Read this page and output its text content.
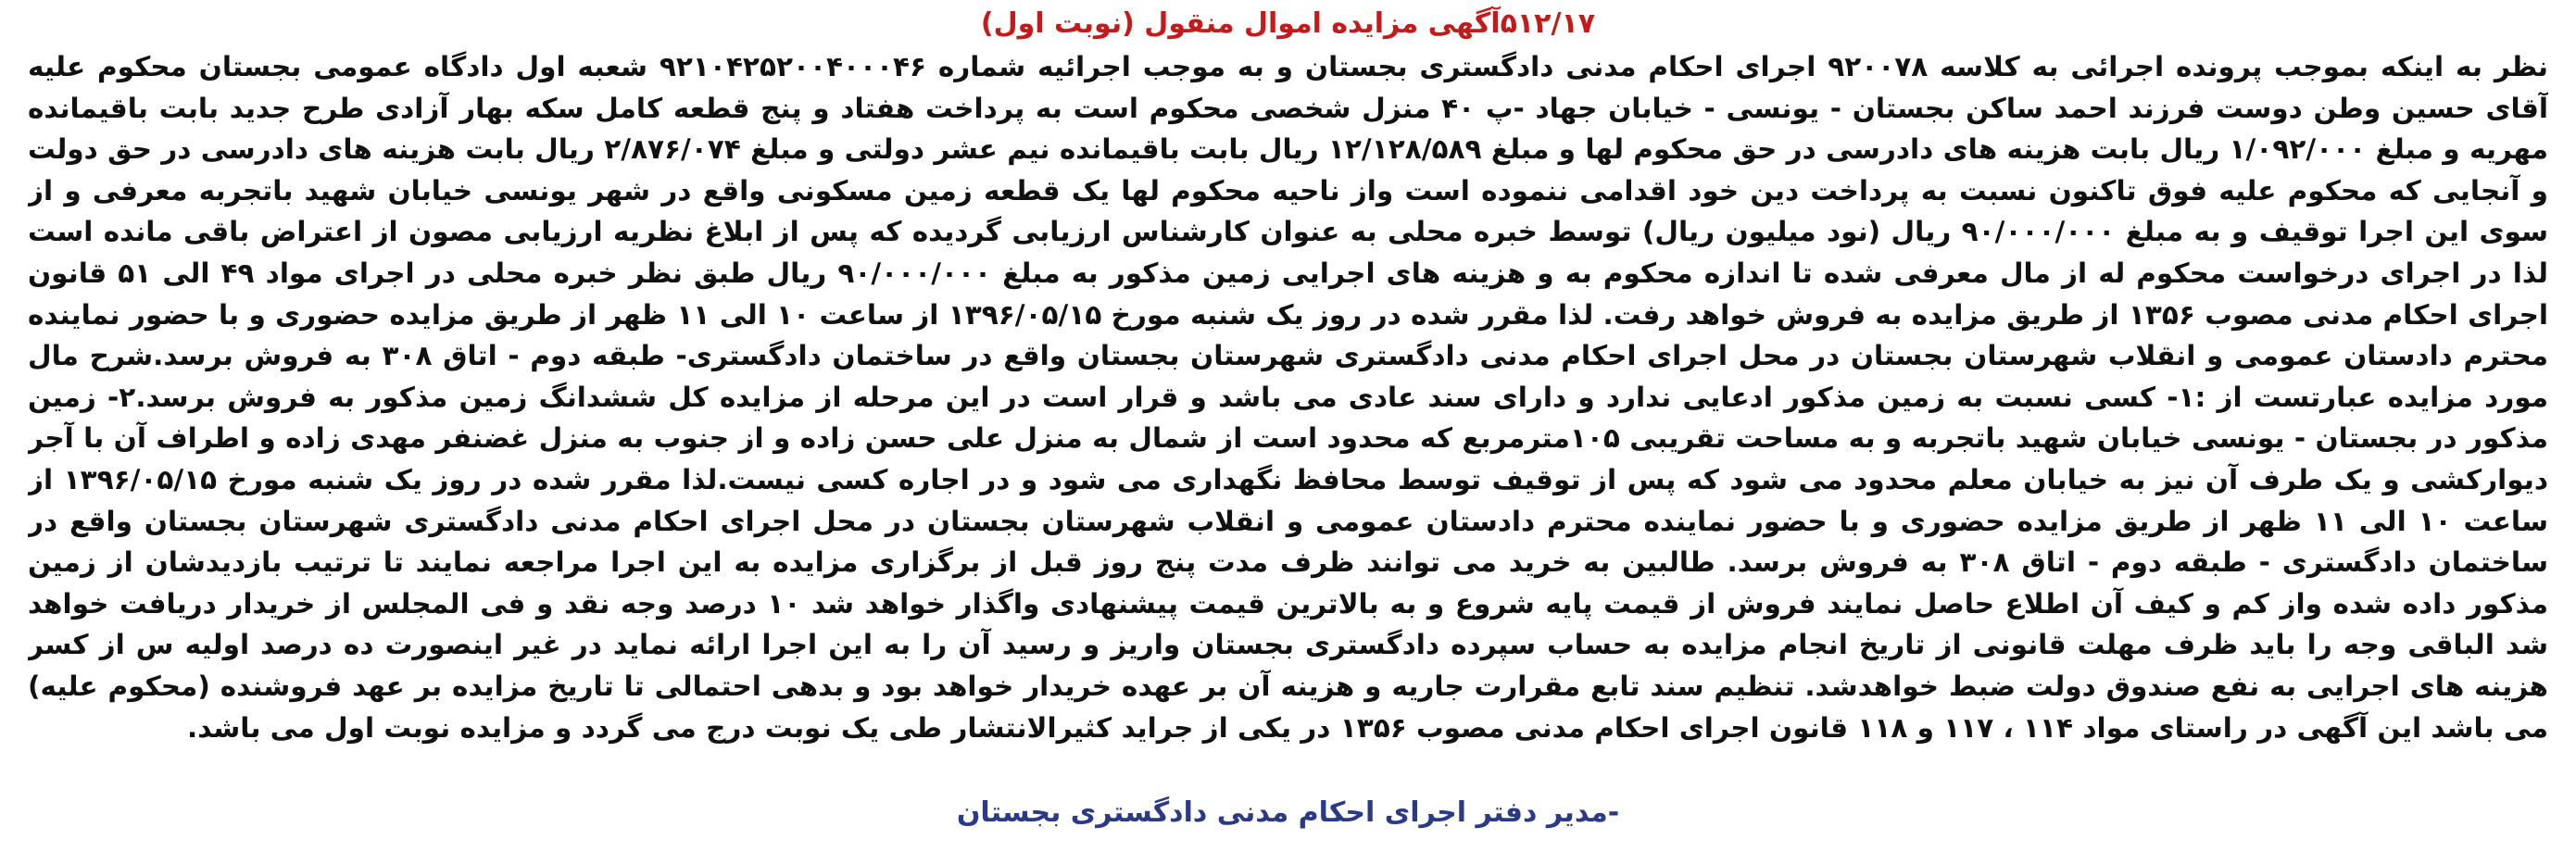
۵۱۲/۱۷آگهی مزایده اموال منقول (نوبت اول)

نظر به اینکه بموجب پرونده اجرائی به کلاسه ۹۲۰۰۷۸ اجرای احکام مدنی دادگستری بجستان و به موجب اجرائیه شماره ۹۲۱۰۴۲۵۲۰۰۴۰۰۰۴۶ شعبه اول دادگاه عمومی بجستان محکوم علیه آقای حسین وطن دوست فرزند احمد ساکن بجستان - یونسی - خیابان جهاد -پ ۴۰ منزل شخصی محکوم است به پرداخت هفتاد و پنج قطعه کامل سکه بهار آزادی طرح جدید بابت باقیمانده مهریه و مبلغ ۱/۰۹۲/۰۰۰ ریال بابت هزینه های دادرسی در حق محکوم لها و مبلغ ۱۲/۱۲۸/۵۸۹ ریال بابت باقیمانده نیم عشر دولتی و مبلغ ۲/۸۷۶/۰۷۴ ریال بابت هزینه های دادرسی در حق دولت و آنجایی که محکوم علیه فوق تاکنون نسبت به پرداخت دین خود اقدامی ننموده است واز ناحیه محکوم لها یک قطعه زمین مسکونی واقع در شهر یونسی خیابان شهید باتجربه معرفی و از سوی این اجرا توقیف و به مبلغ ۹۰/۰۰۰/۰۰۰ ریال (نود میلیون ریال) توسط خبره محلی به عنوان کارشناس ارزیابی گردیده که پس از ابلاغ نظریه ارزیابی مصون از اعتراض باقی مانده است لذا در اجرای درخواست محکوم له از مال معرفی شده تا اندازه محکوم به و هزینه های اجرایی زمین مذکور به مبلغ ۹۰/۰۰۰/۰۰۰ ریال طبق نظر خبره محلی در اجرای مواد ۴۹ الی ۵۱ قانون اجرای احکام مدنی مصوب ۱۳۵۶ از طریق مزایده به فروش خواهد رفت. لذا مقرر شده در روز یک شنبه مورخ ۱۳۹۶/۰۵/۱۵ از ساعت ۱۰ الی ۱۱ ظهر از طریق مزایده حضوری و با حضور نماینده محترم دادستان عمومی و انقلاب شهرستان بجستان در محل اجرای احکام مدنی دادگستری شهرستان بجستان واقع در ساختمان دادگستری- طبقه دوم - اتاق ۳۰۸ به فروش برسد.شرح مال مورد مزایده عبارتست از :۱- کسی نسبت به زمین مذکور ادعایی ندارد و دارای سند عادی می باشد و قرار است در این مرحله از مزایده کل ششدانگ زمین مذکور به فروش برسد.۲- زمین مذکور در بجستان - یونسی خیابان شهید باتجربه و به مساحت تقریبی ۱۰۵مترمربع که محدود است از شمال به منزل علی حسن زاده و از جنوب به منزل غضنفر مهدی زاده و اطراف آن با آجر دیوارکشی و یک طرف آن نیز به خیابان معلم محدود می شود که پس از توقیف توسط محافظ نگهداری می شود و در اجاره کسی نیست.لذا مقرر شده در روز یک شنبه مورخ ۱۳۹۶/۰۵/۱۵ از ساعت ۱۰ الی ۱۱ ظهر از طریق مزایده حضوری و با حضور نماینده محترم دادستان عمومی و انقلاب شهرستان بجستان در محل اجرای احکام مدنی دادگستری شهرستان بجستان واقع در ساختمان دادگستری - طبقه دوم - اتاق ۳۰۸ به فروش برسد. طالبین به خرید می توانند ظرف مدت پنج روز قبل از برگزاری مزایده به این اجرا مراجعه نمایند تا ترتیب بازدیدشان از زمین مذکور داده شده واز کم و کیف آن اطلاع حاصل نمایند فروش از قیمت پایه شروع و به بالاترین قیمت پیشنهادی واگذار خواهد شد ۱۰ درصد وجه نقد و فی المجلس از خریدار دریافت خواهد شد الباقی وجه را باید ظرف مهلت قانونی از تاریخ انجام مزایده به حساب سپرده دادگستری بجستان واریز و رسید آن را به این اجرا ارائه نماید در غیر اینصورت ده درصد اولیه س از کسر هزینه های اجرایی به نفع صندوق دولت ضبط خواهدشد. تنظیم سند تابع مقرارت جاریه و هزینه آن بر عهده خریدار خواهد بود و بدهی احتمالی تا تاریخ مزایده بر عهد فروشنده (محکوم علیه) می باشد این آگهی در راستای مواد ۱۱۴ ، ۱۱۷ و ۱۱۸ قانون اجرای احکام مدنی مصوب ۱۳۵۶ در یکی از جراید کثیرالانتشار طی یک نوبت درج می گردد و مزایده نوبت اول می باشد.

-مدیر دفتر اجرای احکام مدنی دادگستری بجستان
